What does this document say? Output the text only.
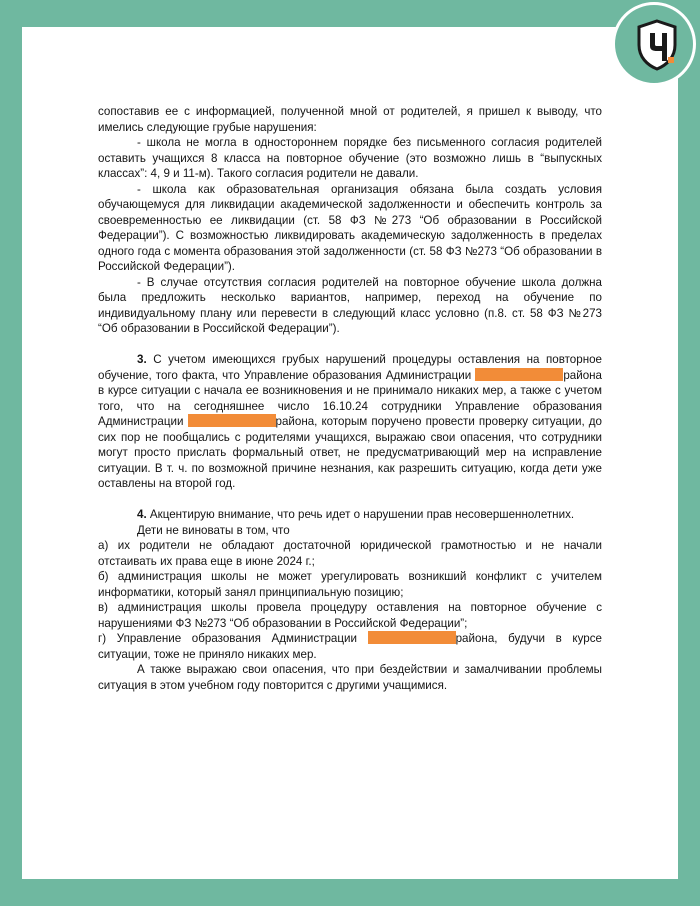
сопоставив ее с информацией, полученной мной от родителей, я пришел к выводу, что имелись следующие грубые нарушения:

- школа не могла в одностороннем порядке без письменного согласия родителей оставить учащихся 8 класса на повторное обучение (это возможно лишь в “выпускных классах”: 4, 9 и 11-м). Такого согласия родители не давали.

- школа как образовательная организация обязана была создать условия обучающемуся для ликвидации академической задолженности и обеспечить контроль за своевременностью ее ликвидации (ст. 58 ФЗ №273 “Об образовании в Российской Федерации”). С возможностью ликвидировать академическую задолженность в пределах одного года с момента образования этой задолженности (ст. 58 ФЗ №273 “Об образовании в Российской Федерации”).

- В случае отсутствия согласия родителей на повторное обучение школа должна была предложить несколько вариантов, например, переход на обучение по индивидуальному плану или перевести в следующий класс условно (п.8. ст. 58 ФЗ №273 “Об образовании в Российской Федерации”).

3. С учетом имеющихся грубых нарушений процедуры оставления на повторное обучение, того факта, что Управление образования Администрации	района в курсе ситуации с начала ее возникновения и не принимало никаких мер, а также с учетом того, что на сегодняшнее число 16.10.24 сотрудники Управление образования Администрации	района, которым поручено провести проверку ситуации, до сих пор не пообщались с родителями учащихся, выражаю свои опасения, что сотрудники могут просто прислать формальный ответ, не предусматривающий мер на исправление ситуации. В т. ч. по возможной причине незнания, как разрешить ситуацию, когда дети уже оставлены на второй год.

4. Акцентирую внимание, что речь идет о нарушении прав несовершеннолетних.

Дети не виноваты в том, что

а) их родители не обладают достаточной юридической грамотностью и не начали отстаивать их права еще в июне 2024 г.;

б) администрация школы не может урегулировать возникший конфликт с учителем информатики, который занял принципиальную позицию;

в) администрация школы провела процедуру оставления на повторное обучение с нарушениями ФЗ №273 “Об образовании в Российской Федерации”;

г) Управление образования Администрации	района, будучи в курсе ситуации, тоже не приняло никаких мер.

А также выражаю свои опасения, что при бездействии и замалчивании проблемы ситуация в этом учебном году повторится с другими учащимися.
